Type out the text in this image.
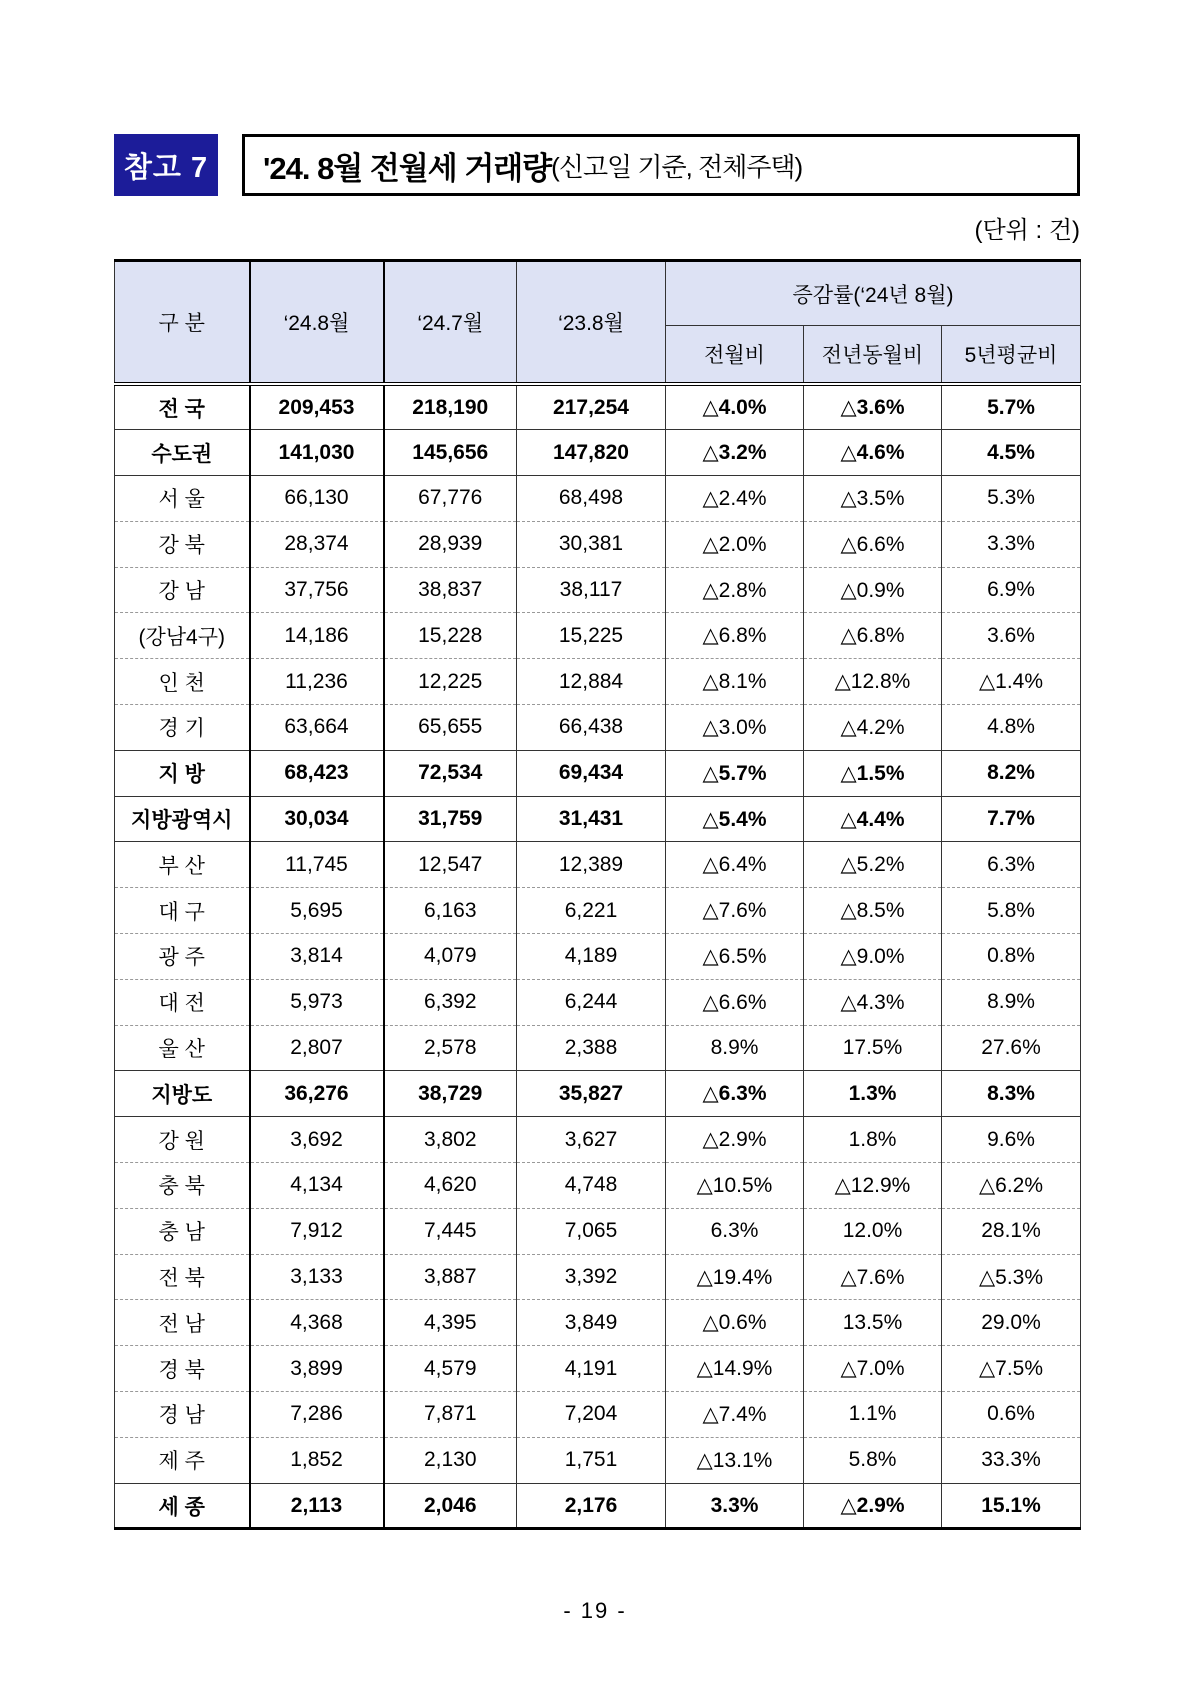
참고 7	'24. 8월 전월세 거래량 (신고일 기준, 전체주택)
(단위 : 건)
구 분	‘24.8월	‘24.7월	‘23.8월	증감률(‘24년 8월)		
				전월비	전년동월비	5년평균비
전 국	209,453	218,190	217,254	△4.0%	△3.6%	5.7%
수도권	141,030	145,656	147,820	△3.2%	△4.6%	4.5%
서 울	66,130	67,776	68,498	△2.4%	△3.5%	5.3%
강 북	28,374	28,939	30,381	△2.0%	△6.6%	3.3%
강 남	37,756	38,837	38,117	△2.8%	△0.9%	6.9%
(강남4구)	14,186	15,228	15,225	△6.8%	△6.8%	3.6%
인 천	11,236	12,225	12,884	△8.1%	△12.8%	△1.4%
경 기	63,664	65,655	66,438	△3.0%	△4.2%	4.8%
지 방	68,423	72,534	69,434	△5.7%	△1.5%	8.2%
지방광역시	30,034	31,759	31,431	△5.4%	△4.4%	7.7%
부 산	11,745	12,547	12,389	△6.4%	△5.2%	6.3%
대 구	5,695	6,163	6,221	△7.6%	△8.5%	5.8%
광 주	3,814	4,079	4,189	△6.5%	△9.0%	0.8%
대 전	5,973	6,392	6,244	△6.6%	△4.3%	8.9%
울 산	2,807	2,578	2,388	8.9%	17.5%	27.6%
지방도	36,276	38,729	35,827	△6.3%	1.3%	8.3%
강 원	3,692	3,802	3,627	△2.9%	1.8%	9.6%
충 북	4,134	4,620	4,748	△10.5%	△12.9%	△6.2%
충 남	7,912	7,445	7,065	6.3%	12.0%	28.1%
전 북	3,133	3,887	3,392	△19.4%	△7.6%	△5.3%
전 남	4,368	4,395	3,849	△0.6%	13.5%	29.0%
경 북	3,899	4,579	4,191	△14.9%	△7.0%	△7.5%
경 남	7,286	7,871	7,204	△7.4%	1.1%	0.6%
제 주	1,852	2,130	1,751	△13.1%	5.8%	33.3%
세 종	2,113	2,046	2,176	3.3%	△2.9%	15.1%
- 19 -
